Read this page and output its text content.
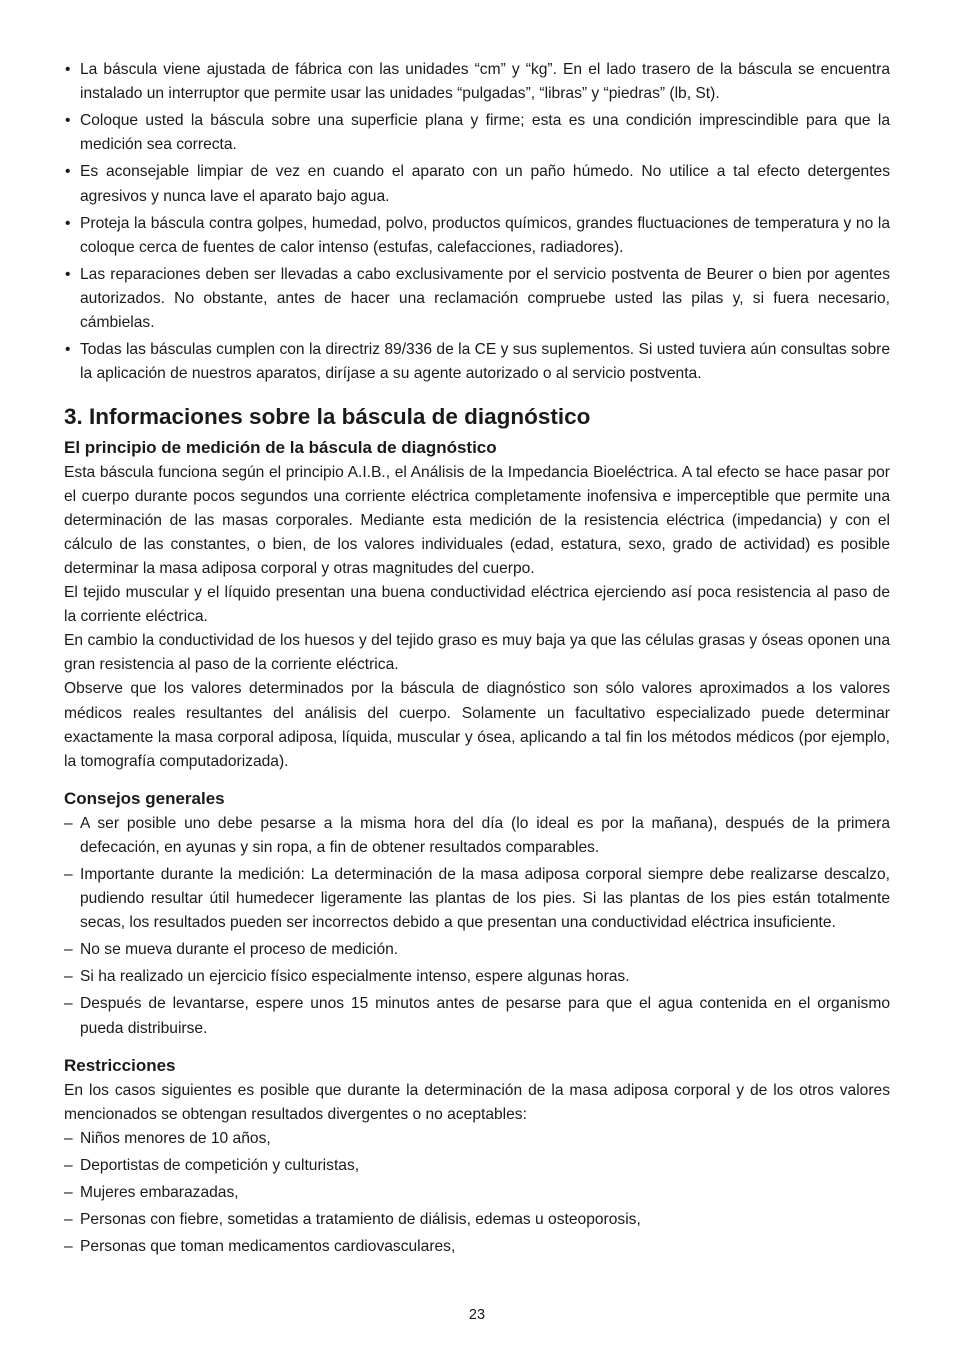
• La báscula viene ajustada de fábrica con las unidades “cm” y “kg”. En el lado trasero de la báscula se encuentra instalado un interruptor que permite usar las unidades “pulgadas”, “libras” y “piedras” (lb, St).
• Coloque usted la báscula sobre una superficie plana y firme; esta es una condición imprescindible para que la medición sea correcta.
• Es aconsejable limpiar de vez en cuando el aparato con un paño húmedo. No utilice a tal efecto detergentes agresivos y nunca lave el aparato bajo agua.
• Proteja la báscula contra golpes, humedad, polvo, productos químicos, grandes fluctuaciones de temperatura y no la coloque cerca de fuentes de calor intenso (estufas, calefacciones, radiadores).
• Las reparaciones deben ser llevadas a cabo exclusivamente por el servicio postventa de Beurer o bien por agentes autorizados. No obstante, antes de hacer una reclamación compruebe usted las pilas y, si fuera necesario, cámbielas.
• Todas las básculas cumplen con la directriz 89/336 de la CE y sus suplementos. Si usted tuviera aún consultas sobre la aplicación de nuestros aparatos, diríjase a su agente autorizado o al servicio postventa.
3. Informaciones sobre la báscula de diagnóstico
El principio de medición de la báscula de diagnóstico

Esta báscula funciona según el principio A.I.B., el Análisis de la Impedancia Bioeléctrica. A tal efecto se hace pasar por el cuerpo durante pocos segundos una corriente eléctrica completamente inofensiva e imperceptible que permite una determinación de las masas corporales. Mediante esta medición de la resistencia eléctrica (impedancia) y con el cálculo de las constantes, o bien, de los valores individuales (edad, estatura, sexo, grado de actividad) es posible determinar la masa adiposa corporal y otras magnitudes del cuerpo.

El tejido muscular y el líquido presentan una buena conductividad eléctrica ejerciendo así poca resistencia al paso de la corriente eléctrica.

En cambio la conductividad de los huesos y del tejido graso es muy baja ya que las células grasas y óseas oponen una gran resistencia al paso de la corriente eléctrica.

Observe que los valores determinados por la báscula de diagnóstico son sólo valores aproximados a los valores médicos reales resultantes del análisis del cuerpo. Solamente un facultativo especializado puede determinar exactamente la masa corporal adiposa, líquida, muscular y ósea, aplicando a tal fin los métodos médicos (por ejemplo, la tomografía computadorizada).

Consejos generales
– A ser posible uno debe pesarse a la misma hora del día (lo ideal es por la mañana), después de la primera defecación, en ayunas y sin ropa, a fin de obtener resultados comparables.
– Importante durante la medición: La determinación de la masa adiposa corporal siempre debe realizarse descalzo, pudiendo resultar útil humedecer ligeramente las plantas de los pies. Si las plantas de los pies están totalmente secas, los resultados pueden ser incorrectos debido a que presentan una conductividad eléctrica insuficiente.
– No se mueva durante el proceso de medición.
– Si ha realizado un ejercicio físico especialmente intenso, espere algunas horas.
– Después de levantarse, espere unos 15 minutos antes de pesarse para que el agua contenida en el organismo pueda distribuirse.
Restricciones

En los casos siguientes es posible que durante la determinación de la masa adiposa corporal y de los otros valores mencionados se obtengan resultados divergentes o no aceptables:

– Niños menores de 10 años,
– Deportistas de competición y culturistas,
– Mujeres embarazadas,
– Personas con fiebre, sometidas a tratamiento de diálisis, edemas u osteoporosis,
– Personas que toman medicamentos cardiovasculares,
23
